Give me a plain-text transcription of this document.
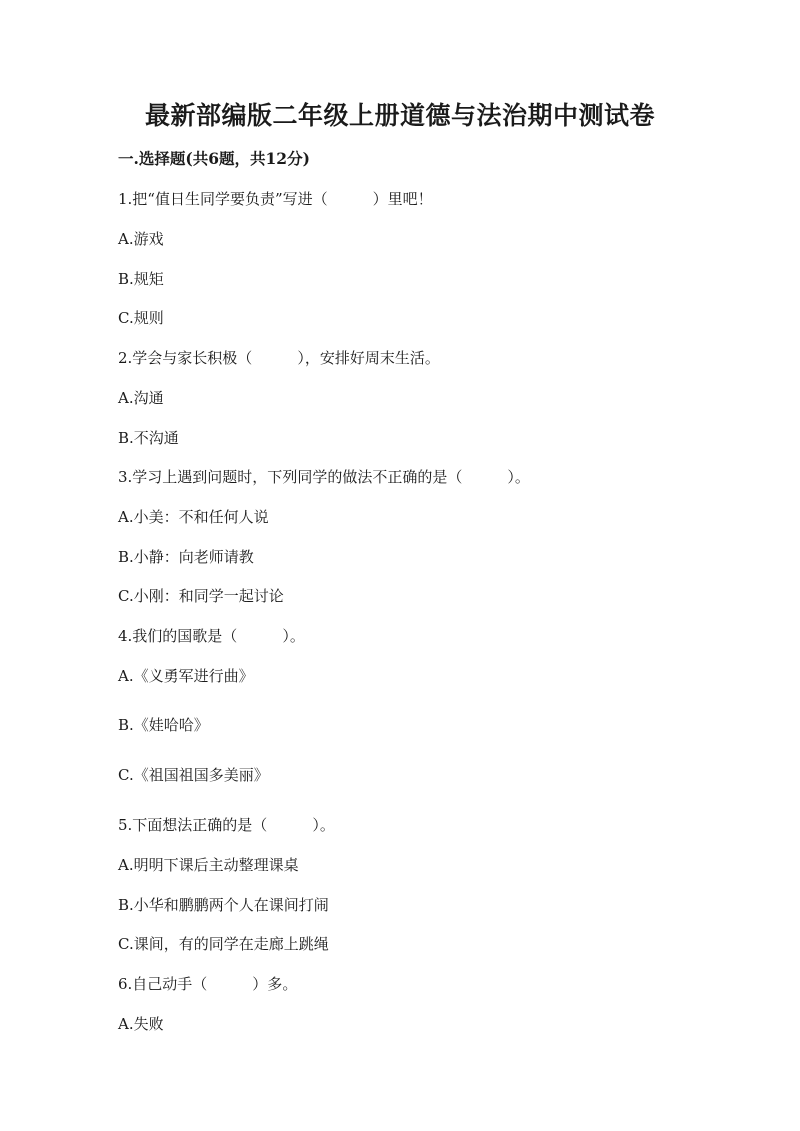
最新部编版二年级上册道德与法治期中测试卷

一.选择题(共6题，共12分)

1.把“值日生同学要负责”写进（　　　）里吧！

A.游戏

B.规矩

C.规则

2.学会与家长积极（　　　），安排好周末生活。

A.沟通

B.不沟通

3.学习上遇到问题时，下列同学的做法不正确的是（　　　）。

A.小美：不和任何人说

B.小静：向老师请教

C.小刚：和同学一起讨论

4.我们的国歌是（　　　）。

A.《义勇军进行曲》

B.《娃哈哈》

C.《祖国祖国多美丽》

5.下面想法正确的是（　　　）。

A.明明下课后主动整理课桌

B.小华和鹏鹏两个人在课间打闹

C.课间，有的同学在走廊上跳绳

6.自己动手（　　　）多。

A.失败
